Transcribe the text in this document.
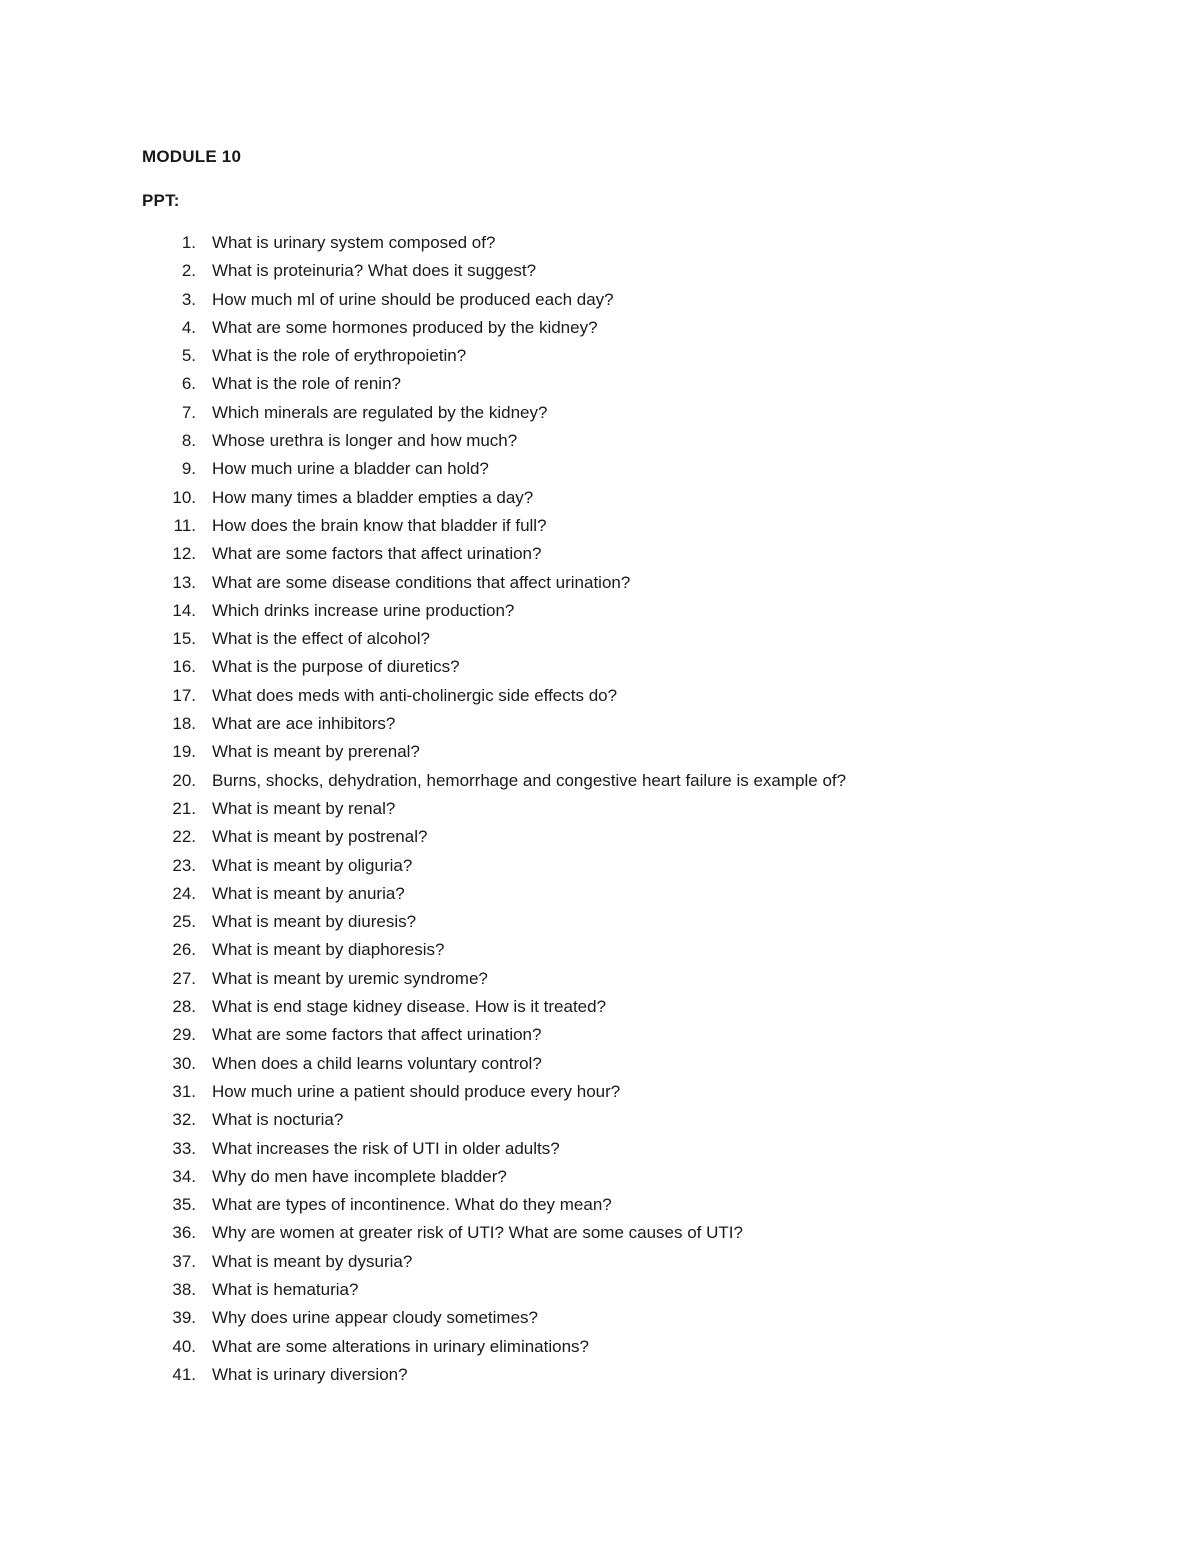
MODULE 10
PPT:
1. What is urinary system composed of?
2. What is proteinuria? What does it suggest?
3. How much ml of urine should be produced each day?
4. What are some hormones produced by the kidney?
5. What is the role of erythropoietin?
6. What is the role of renin?
7. Which minerals are regulated by the kidney?
8. Whose urethra is longer and how much?
9. How much urine a bladder can hold?
10. How many times a bladder empties a day?
11. How does the brain know that bladder if full?
12. What are some factors that affect urination?
13. What are some disease conditions that affect urination?
14. Which drinks increase urine production?
15. What is the effect of alcohol?
16. What is the purpose of diuretics?
17. What does meds with anti-cholinergic side effects do?
18. What are ace inhibitors?
19. What is meant by prerenal?
20. Burns, shocks, dehydration, hemorrhage and congestive heart failure is example of?
21. What is meant by renal?
22. What is meant by postrenal?
23. What is meant by oliguria?
24. What is meant by anuria?
25. What is meant by diuresis?
26. What is meant by diaphoresis?
27. What is meant by uremic syndrome?
28. What is end stage kidney disease. How is it treated?
29. What are some factors that affect urination?
30. When does a child learns voluntary control?
31. How much urine a patient should produce every hour?
32. What is nocturia?
33. What increases the risk of UTI in older adults?
34. Why do men have incomplete bladder?
35. What are types of incontinence. What do they mean?
36. Why are women at greater risk of UTI? What are some causes of UTI?
37. What is meant by dysuria?
38. What is hematuria?
39. Why does urine appear cloudy sometimes?
40. What are some alterations in urinary eliminations?
41. What is urinary diversion?
